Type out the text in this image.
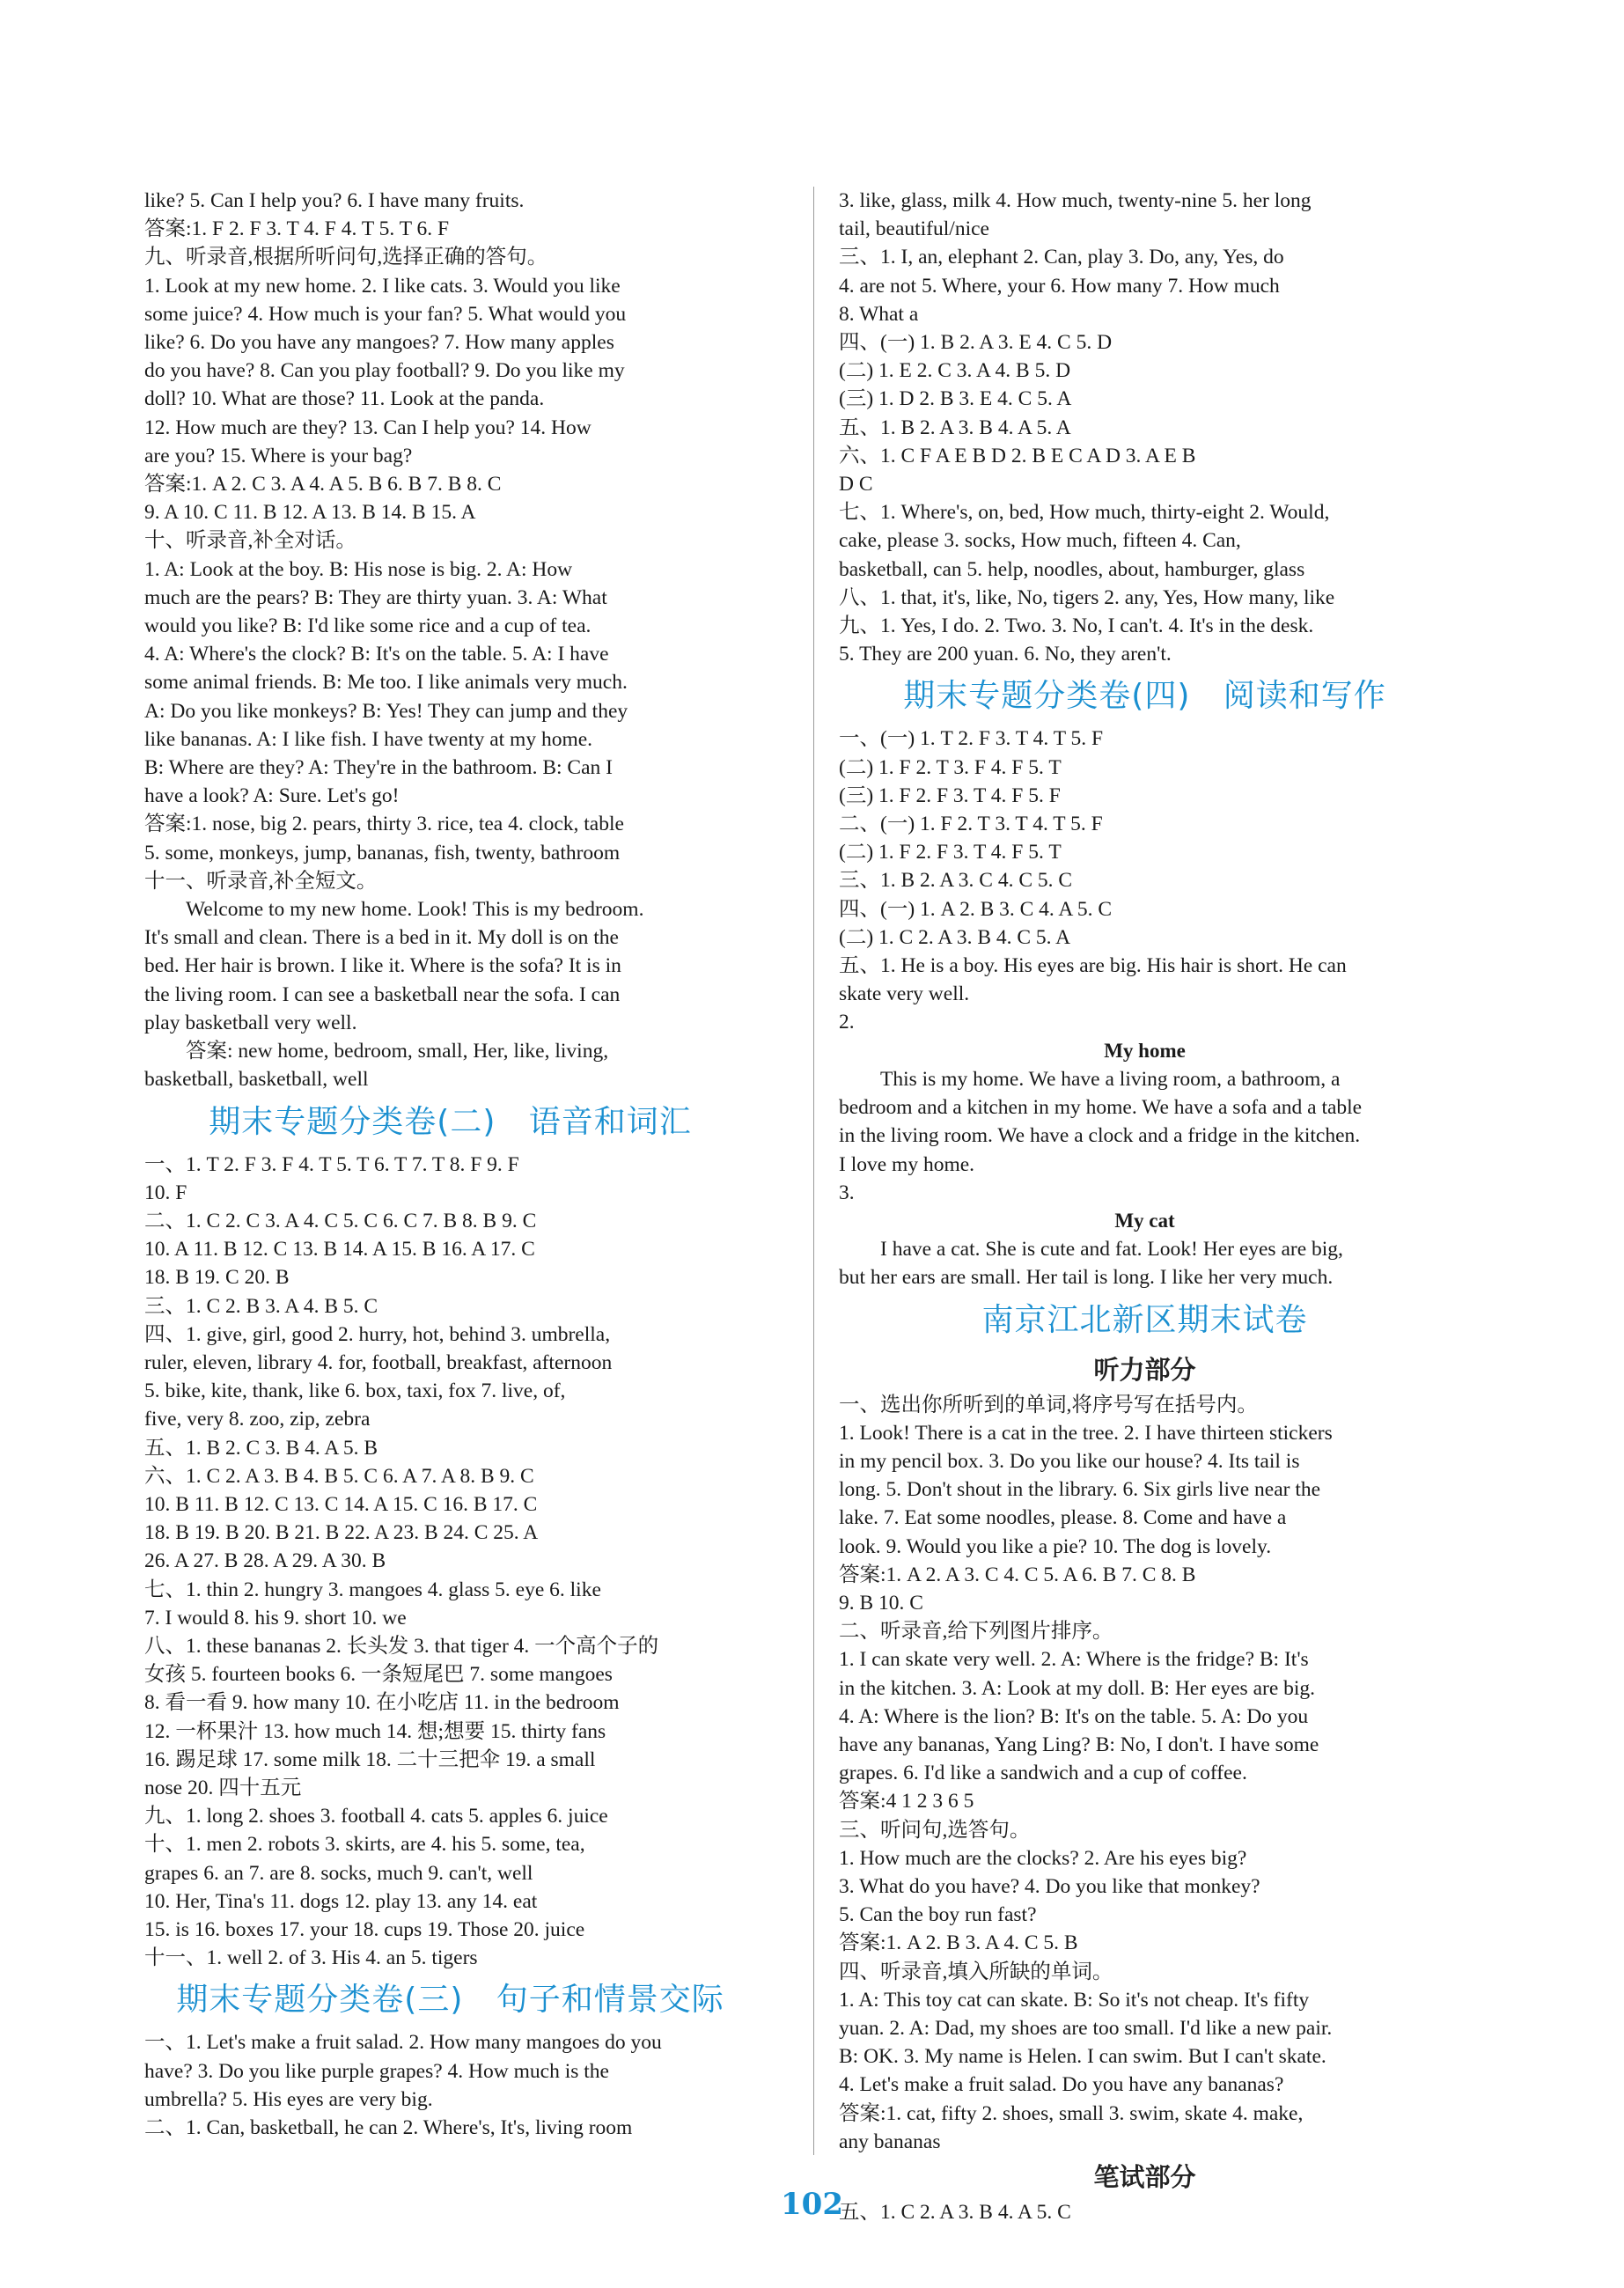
like? 5. Can I help you? 6. I have many fruits.
答案:1. F 2. F 3. T 4. F 4. T 5. T 6. F
九、听录音,根据所听问句,选择正确的答句。
1. Look at my new home. 2. I like cats. 3. Would you like
some juice? 4. How much is your fan? 5. What would you
like? 6. Do you have any mangoes? 7. How many apples
do you have? 8. Can you play football? 9. Do you like my
doll? 10. What are those? 11. Look at the panda.
12. How much are they? 13. Can I help you? 14. How
are you? 15. Where is your bag?
答案:1. A 2. C 3. A 4. A 5. B 6. B 7. B 8. C
9. A 10. C 11. B 12. A 13. B 14. B 15. A
十、听录音,补全对话。
1. A: Look at the boy. B: His nose is big. 2. A: How
much are the pears? B: They are thirty yuan. 3. A: What
would you like? B: I'd like some rice and a cup of tea.
4. A: Where's the clock? B: It's on the table. 5. A: I have
some animal friends. B: Me too. I like animals very much.
A: Do you like monkeys? B: Yes! They can jump and they
like bananas. A: I like fish. I have twenty at my home.
B: Where are they? A: They're in the bathroom. B: Can I
have a look? A: Sure. Let's go!
答案:1. nose, big 2. pears, thirty 3. rice, tea 4. clock, table
5. some, monkeys, jump, bananas, fish, twenty, bathroom
十一、听录音,补全短文。
Welcome to my new home. Look! This is my bedroom.
It's small and clean. There is a bed in it. My doll is on the
bed. Her hair is brown. I like it. Where is the sofa? It is in
the living room. I can see a basketball near the sofa. I can
play basketball very well.
答案: new home, bedroom, small, Her, like, living,
basketball, basketball, well
期末专题分类卷(二)   语音和词汇
一、1. T 2. F 3. F 4. T 5. T 6. T 7. T 8. F 9. F
10. F
二、1. C 2. C 3. A 4. C 5. C 6. C 7. B 8. B 9. C
10. A 11. B 12. C 13. B 14. A 15. B 16. A 17. C
18. B 19. C 20. B
三、1. C 2. B 3. A 4. B 5. C
四、1. give, girl, good 2. hurry, hot, behind 3. umbrella,
ruler, eleven, library 4. for, football, breakfast, afternoon
5. bike, kite, thank, like 6. box, taxi, fox 7. live, of,
five, very 8. zoo, zip, zebra
五、1. B 2. C 3. B 4. A 5. B
六、1. C 2. A 3. B 4. B 5. C 6. A 7. A 8. B 9. C
10. B 11. B 12. C 13. C 14. A 15. C 16. B 17. C
18. B 19. B 20. B 21. B 22. A 23. B 24. C 25. A
26. A 27. B 28. A 29. A 30. B
七、1. thin 2. hungry 3. mangoes 4. glass 5. eye 6. like
7. I would 8. his 9. short 10. we
八、1. these bananas 2. 长头发 3. that tiger 4. 一个高个子的
女孩 5. fourteen books 6. 一条短尾巴 7. some mangoes
8. 看一看 9. how many 10. 在小吃店 11. in the bedroom
12. 一杯果汁 13. how much 14. 想;想要 15. thirty fans
16. 踢足球 17. some milk 18. 二十三把伞 19. a small
nose 20. 四十五元
九、1. long 2. shoes 3. football 4. cats 5. apples 6. juice
十、1. men 2. robots 3. skirts, are 4. his 5. some, tea,
grapes 6. an 7. are 8. socks, much 9. can't, well
10. Her, Tina's 11. dogs 12. play 13. any 14. eat
15. is 16. boxes 17. your 18. cups 19. Those 20. juice
十一、1. well 2. of 3. His 4. an 5. tigers
期末专题分类卷(三)   句子和情景交际
一、1. Let's make a fruit salad. 2. How many mangoes do you
have? 3. Do you like purple grapes? 4. How much is the
umbrella? 5. His eyes are very big.
二、1. Can, basketball, he can 2. Where's, It's, living room
3. like, glass, milk 4. How much, twenty-nine 5. her long
tail, beautiful/nice
三、1. I, an, elephant 2. Can, play 3. Do, any, Yes, do
4. are not 5. Where, your 6. How many 7. How much
8. What a
四、(一) 1. B 2. A 3. E 4. C 5. D
(二) 1. E 2. C 3. A 4. B 5. D
(三) 1. D 2. B 3. E 4. C 5. A
五、1. B 2. A 3. B 4. A 5. A
六、1. C F A E B D 2. B E C A D 3. A E B
D C
七、1. Where's, on, bed, How much, thirty-eight 2. Would,
cake, please 3. socks, How much, fifteen 4. Can,
basketball, can 5. help, noodles, about, hamburger, glass
八、1. that, it's, like, No, tigers 2. any, Yes, How many, like
九、1. Yes, I do. 2. Two. 3. No, I can't. 4. It's in the desk.
5. They are 200 yuan. 6. No, they aren't.
期末专题分类卷(四)   阅读和写作
一、(一) 1. T 2. F 3. T 4. T 5. F
(二) 1. F 2. T 3. F 4. F 5. T
(三) 1. F 2. F 3. T 4. F 5. F
二、(一) 1. F 2. T 3. T 4. T 5. F
(二) 1. F 2. F 3. T 4. F 5. T
三、1. B 2. A 3. C 4. C 5. C
四、(一) 1. A 2. B 3. C 4. A 5. C
(二) 1. C 2. A 3. B 4. C 5. A
五、1. He is a boy. His eyes are big. His hair is short. He can
skate very well.
2.
My home
This is my home. We have a living room, a bathroom, a
bedroom and a kitchen in my home. We have a sofa and a table
in the living room. We have a clock and a fridge in the kitchen.
I love my home.
3.
My cat
I have a cat. She is cute and fat. Look! Her eyes are big,
but her ears are small. Her tail is long. I like her very much.
南京江北新区期末试卷
听力部分
一、选出你所听到的单词,将序号写在括号内。
1. Look! There is a cat in the tree. 2. I have thirteen stickers
in my pencil box. 3. Do you like our house? 4. Its tail is
long. 5. Don't shout in the library. 6. Six girls live near the
lake. 7. Eat some noodles, please. 8. Come and have a
look. 9. Would you like a pie? 10. The dog is lovely.
答案:1. A 2. A 3. C 4. C 5. A 6. B 7. C 8. B
9. B 10. C
二、听录音,给下列图片排序。
1. I can skate very well. 2. A: Where is the fridge? B: It's
in the kitchen. 3. A: Look at my doll. B: Her eyes are big.
4. A: Where is the lion? B: It's on the table. 5. A: Do you
have any bananas, Yang Ling? B: No, I don't. I have some
grapes. 6. I'd like a sandwich and a cup of coffee.
答案:4 1 2 3 6 5
三、听问句,选答句。
1. How much are the clocks? 2. Are his eyes big?
3. What do you have? 4. Do you like that monkey?
5. Can the boy run fast?
答案:1. A 2. B 3. A 4. C 5. B
四、听录音,填入所缺的单词。
1. A: This toy cat can skate. B: So it's not cheap. It's fifty
yuan. 2. A: Dad, my shoes are too small. I'd like a new pair.
B: OK. 3. My name is Helen. I can swim. But I can't skate.
4. Let's make a fruit salad. Do you have any bananas?
答案:1. cat, fifty 2. shoes, small 3. swim, skate 4. make,
any bananas
笔试部分
五、1. C 2. A 3. B 4. A 5. C
102
